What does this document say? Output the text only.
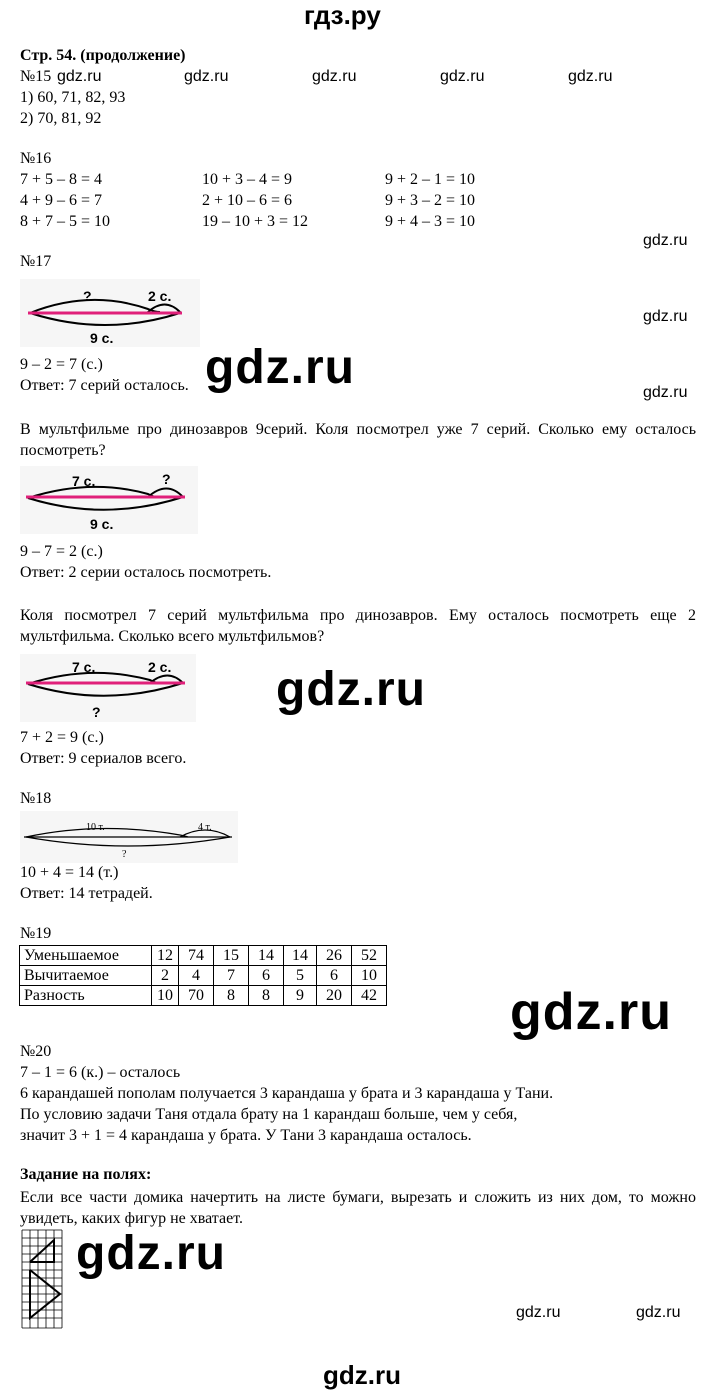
гдз.ру
Стр. 54. (продолжение)
№15
1) 60, 71, 82, 93
2) 70, 81, 92
gdz.ru	gdz.ru	gdz.ru	gdz.ru	gdz.ru
№16
7 + 5 – 8 = 4	10 + 3 – 4 = 9	9 + 2 – 1 = 10
4 + 9 – 6 = 7	2 + 10 – 6 = 6	9 + 3 – 2 = 10
8 + 7 – 5 = 10	19 – 10 + 3 = 12	9 + 4 – 3 = 10
gdz.ru
№17
?	2 с.
9 с.
gdz.ru
9 – 2 = 7 (с.)
Ответ: 7 серий осталось. gdz.ru	gdz.ru
В мультфильме про динозавров 9серий. Коля посмотрел уже 7 серий. Сколько ему осталось посмотреть?
7 с.	?
9 с.
9 – 7 = 2 (с.)
Ответ: 2 серии осталось посмотреть.
Коля посмотрел 7 серий мультфильма про динозавров. Ему осталось посмотреть еще 2 мультфильма. Сколько всего мультфильмов?
7 с.	2 с.
?	gdz.ru
7 + 2 = 9 (с.)
Ответ: 9 сериалов всего.
№18
10 т.	4 т.
?
10 + 4 = 14 (т.)
Ответ: 14 тетрадей.
№19
Уменьшаемое	12	74	15	14	14	26	52
Вычитаемое	2	4	7	6	5	6	10
Разность	10	70	8	8	9	20	42	gdz.ru
№20
7 – 1 = 6 (к.) – осталось
6 карандашей пополам получается 3 карандаша у брата и 3 карандаша у Тани.
По условию задачи Таня отдала брату на 1 карандаш больше, чем у себя,
значит 3 + 1 = 4 карандаша у брата. У Тани 3 карандаша осталось.
Задание на полях:
Если все части домика начертить на листе бумаги, вырезать и сложить из них дом, то можно увидеть, каких фигур не хватает.
gdz.ru
gdz.ru	gdz.ru
gdz.ru
